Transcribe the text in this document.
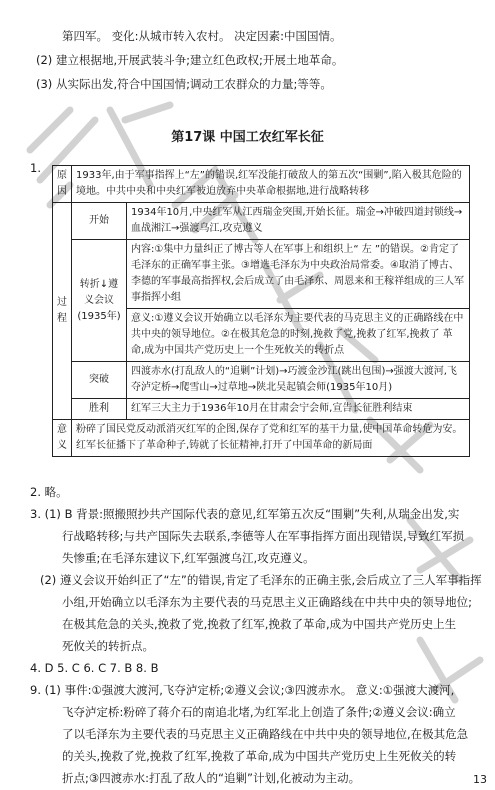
第四军。 变化:从城市转入农村。 决定因素:中国国情。
(2) 建立根据地,开展武装斗争;建立红色政权;开展土地革命。
(3) 从实际出发,符合中国国情;调动工农群众的力量;等等。
第17课 中国工农红军长征
1.
原因	1933年,由于军事指挥上“左”的错误,红军没能打破敌人的第五次“围剿”,陷入极其危险的境地。中共中央和中央红军被迫放弃中央革命根据地,进行战略转移	
过程	开始	1934年10月,中央红军从江西瑞金突围,开始长征。瑞金→冲破四道封锁线→血战湘江→强渡乌江,攻克遵义
	转折↓遵义会议(1935年)	内容:①集中力量纠正了博古等人在军事上和组织上“ 左 ”的错误。②肯定了毛泽东的正确军事主张。③增选毛泽东为中央政治局常委。④取消了博古、李德的军事最高指挥权,会后成立了由毛泽东、周恩来和王稼祥组成的三人军事指挥小组
		意义:①遵义会议开始确立以毛泽东为主要代表的马克思主义的正确路线在中共中央的领导地位。②在极其危急的时刻,挽救了党,挽救了红军,挽救了 革命,成为中国共产党历史上一个生死攸关的转折点
	突破	四渡赤水(打乱敌人的“追剿”计划)→巧渡金沙江(跳出包围)→强渡大渡河,飞夺泸定桥→爬雪山→过草地→陕北吴起镇会师(1935年10月)
	胜利	红军三大主力于1936年10月在甘肃会宁会师,宣告长征胜利结束

意义	粉碎了国民党反动派消灭红军的企图,保存了党和红军的基干力量,使中国革命转危为安。红军长征播下了革命种子,铸就了长征精神,打开了中国革命的新局面	
2. 略。
3. (1) B 背景:照搬照抄共产国际代表的意见,红军第五次反“围剿”失利,从瑞金出发,实
行战略转移;与共产国际失去联系,李德等人在军事指挥方面出现错误,导致红军损
失惨重;在毛泽东建议下,红军强渡乌江,攻克遵义。
(2) 遵义会议开始纠正了“左”的错误,肯定了毛泽东的正确主张,会后成立了三人军事指挥
小组,开始确立以毛泽东为主要代表的马克思主义正确路线在中共中央的领导地位;
在极其危急的关头,挽救了党,挽救了红军,挽救了革命,成为中国共产党历史上生
死攸关的转折点。
4. D 5. C 6. C 7. B 8. B
9. (1) 事件:①强渡大渡河,飞夺泸定桥;②遵义会议;③四渡赤水。 意义:①强渡大渡河,
飞夺泸定桥:粉碎了蒋介石的南追北堵,为红军北上创造了条件;②遵义会议:确立
了以毛泽东为主要代表的马克思主义正确路线在中共中央的领导地位,在极其危急
的关头,挽救了党,挽救了红军,挽救了革命,成为中国共产党历史上生死攸关的转
折点;③四渡赤水:打乱了敌人的“追剿”计划,化被动为主动。	13
